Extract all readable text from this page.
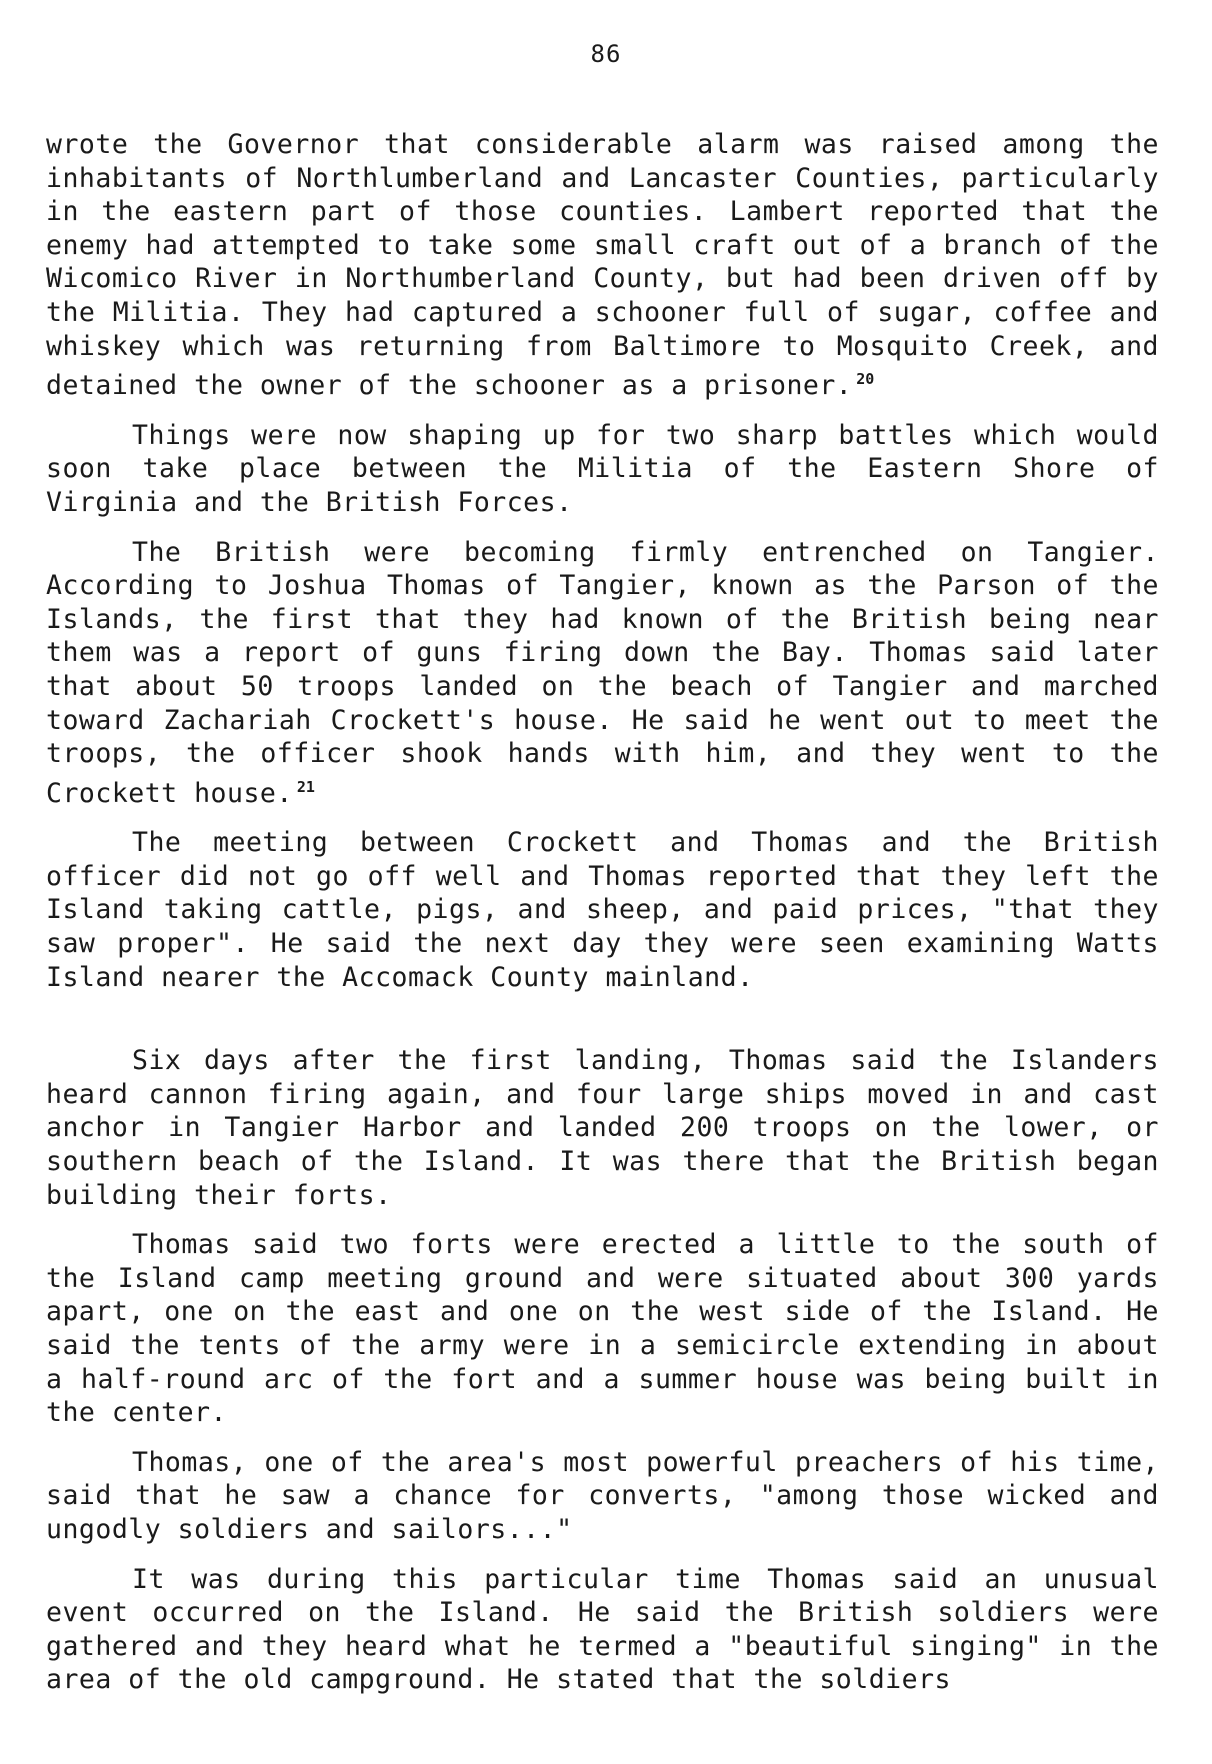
86

wrote the Governor that considerable alarm was raised among the inhabitants of Northlumberland and Lancaster Counties, particularly in the eastern part of those counties. Lambert reported that the enemy had attempted to take some small craft out of a branch of the Wicomico River in Northumberland County, but had been driven off by the Militia. They had captured a schooner full of sugar, coffee and whiskey which was returning from Baltimore to Mosquito Creek, and detained the owner of the schooner as a prisoner. $^{20}$

Things were now shaping up for two sharp battles which would soon take place between the Militia of the Eastern Shore of Virginia and the British Forces.

The British were becoming firmly entrenched on Tangier. According to Joshua Thomas of Tangier, known as the Parson of the Islands, the first that they had known of the British being near them was a report of guns firing down the Bay. Thomas said later that about 50 troops landed on the beach of Tangier and marched toward Zachariah Crockett's house. He said he went out to meet the troops, the officer shook hands with him, and they went to the Crockett house. $^{21}$

The meeting between Crockett and Thomas and the British officer did not go off well and Thomas reported that they left the Island taking cattle, pigs, and sheep, and paid prices, "that they saw proper". He said the next day they were seen examining Watts Island nearer the Accomack County mainland.

Six days after the first landing, Thomas said the Islanders heard cannon firing again, and four large ships moved in and cast anchor in Tangier Harbor and landed 200 troops on the lower, or southern beach of the Island. It was there that the British began building their forts.

Thomas said two forts were erected a little to the south of the Island camp meeting ground and were situated about 300 yards apart, one on the east and one on the west side of the Island. He said the tents of the army were in a semicircle extending in about a half-round arc of the fort and a summer house was being built in the center.

Thomas, one of the area's most powerful preachers of his time, said that he saw a chance for converts, "among those wicked and ungodly soldiers and sailors..."

It was during this particular time Thomas said an unusual event occurred on the Island. He said the British soldiers were gathered and they heard what he termed a "beautiful singing" in the area of the old campground. He stated that the soldiers
